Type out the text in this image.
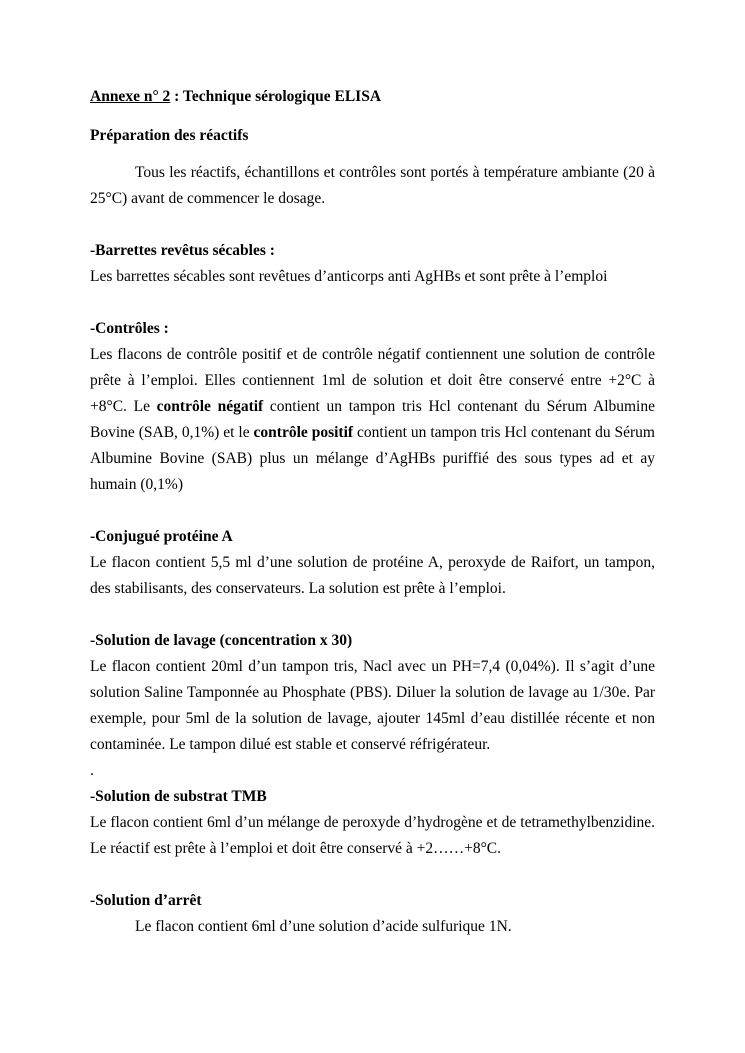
Annexe n° 2 : Technique sérologique ELISA
Préparation des réactifs
Tous les réactifs, échantillons et contrôles sont portés à température ambiante (20 à 25°C) avant de commencer le dosage.

-Barrettes revêtus sécables :
Les barrettes sécables sont revêtues d’anticorps anti AgHBs et sont prête à l’emploi

-Contrôles :
Les flacons de contrôle positif et de contrôle négatif contiennent une solution de contrôle prête à l’emploi. Elles contiennent 1ml de solution et doit être conservé entre +2°C à +8°C. Le contrôle négatif contient un tampon tris Hcl contenant du Sérum Albumine Bovine (SAB, 0,1%) et le contrôle positif contient un tampon tris Hcl contenant du Sérum Albumine Bovine (SAB) plus un mélange d’AgHBs puriffié des sous types ad et ay humain (0,1%)

-Conjugué protéine A
Le flacon contient 5,5 ml d’une solution de protéine A, peroxyde de Raifort, un tampon, des stabilisants, des conservateurs. La solution est prête à l’emploi.

-Solution de lavage (concentration x 30)
Le flacon contient 20ml d’un tampon tris, Nacl avec un PH=7,4 (0,04%). Il s’agit d’une solution Saline Tamponnée au Phosphate (PBS). Diluer la solution de lavage au 1/30e. Par exemple, pour 5ml de la solution de lavage, ajouter 145ml d’eau distillée récente et non contaminée. Le tampon dilué est stable et conservé réfrigérateur.
.
-Solution de substrat TMB
Le flacon contient 6ml d’un mélange de peroxyde d’hydrogène et de tetramethylbenzidine. Le réactif est prête à l’emploi et doit être conservé à +2……+8°C.

-Solution d’arrêt
Le flacon contient 6ml d’une solution d’acide sulfurique 1N.
